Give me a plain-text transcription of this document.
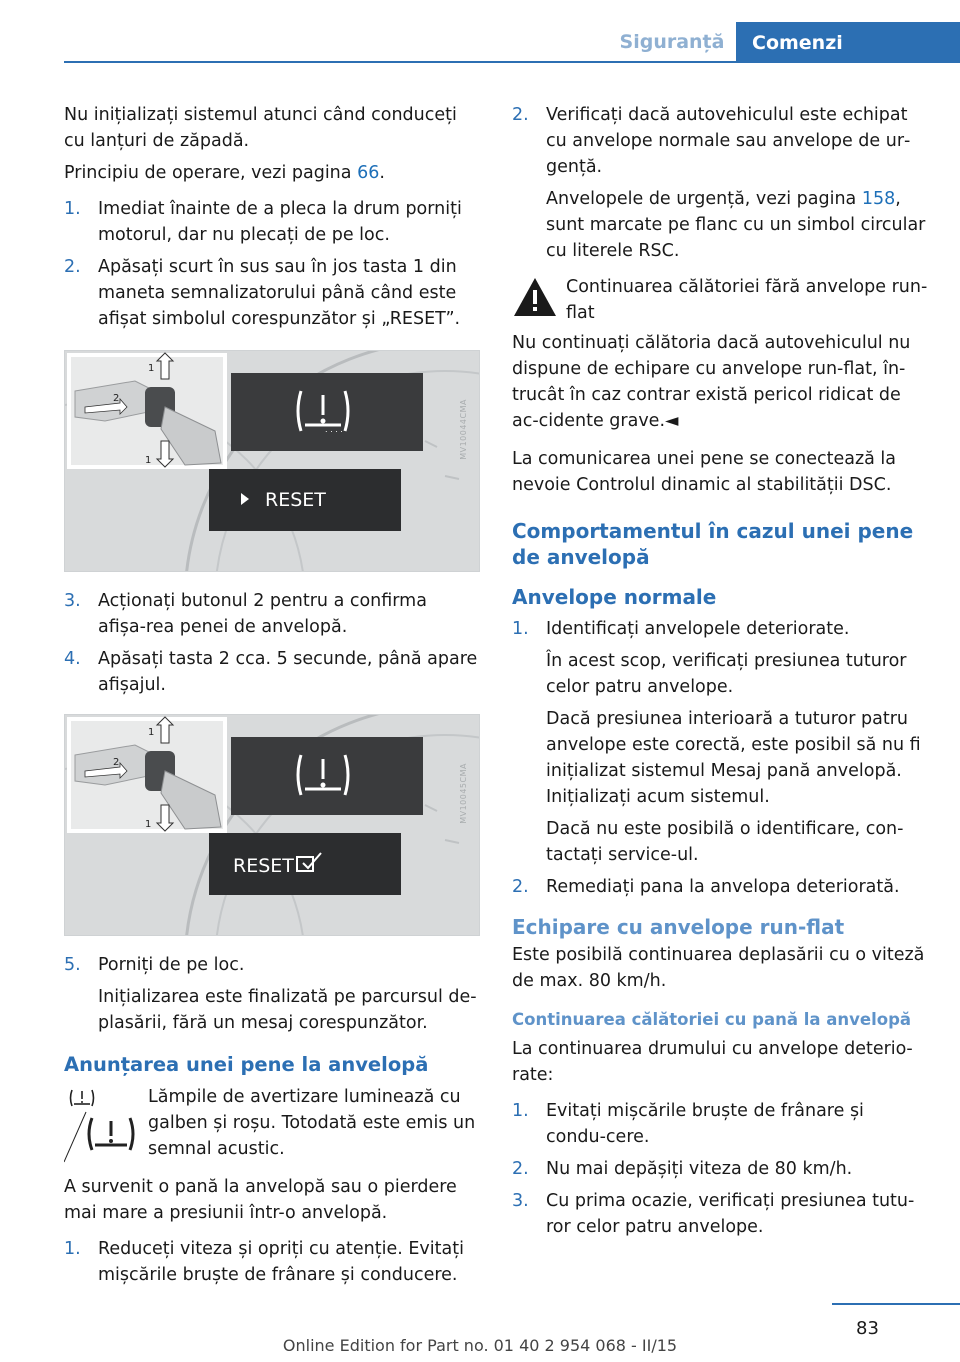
Siguranță	Comenzi

Nu inițializați sistemul atunci când conduceți cu lanțuri de zăpadă.

Principiu de operare, vezi pagina 66.

1. Imediat înainte de a pleca la drum porniți motorul, dar nu plecați de pe loc.
2. Apăsați scurt în sus sau în jos tasta 1 din maneta semnalizatorului până când este afișat simbolul corespunzător și „RESET”.
1
1
2
. . . .
RESET
MV10044CMA
3. Acționați butonul 2 pentru a confirma afișa‐rea penei de anvelopă.
4. Apăsați tasta 2 cca. 5 secunde, până apare afișajul.
1
1
2
RESET
MV10045CMA
5. Porniți de pe loc.
Inițializarea este finalizată pe parcursul de‐plasării, fără un mesaj corespunzător.
Anunțarea unei pene la anvelopă
Lămpile de avertizare luminează cu galben și roșu. Totodată este emis un semnal acustic.

A survenit o pană la anvelopă sau o pierdere mai mare a presiunii într-o anvelopă.

1. Reduceți viteza și opriți cu atenție. Evitați mișcările bruște de frânare și conducere.
2. Verificați dacă autovehiculul este echipat cu anvelope normale sau anvelope de ur‐gență.
Anvelopele de urgență, vezi pagina 158, sunt marcate pe flanc cu un simbol circular cu literele RSC.
Continuarea călătoriei fără anvelope run-flat

Nu continuați călătoria dacă autovehiculul nu dispune de echipare cu anvelope run-flat, în‐trucât în caz contrar există pericol ridicat de ac‐cidente grave.◄

La comunicarea unei pene se conectează la nevoie Controlul dinamic al stabilității DSC.

Comportamentul în cazul unei pene de anvelopă
Anvelope normale
1. Identificați anvelopele deteriorate.
În acest scop, verificați presiunea tuturor celor patru anvelope.
Dacă presiunea interioară a tuturor patru anvelope este corectă, este posibil să nu fi inițializat sistemul Mesaj pană anvelopă. Inițializați acum sistemul.
Dacă nu este posibilă o identificare, con‐tactați service-ul.
2. Remediați pana la anvelopa deteriorată.
Echipare cu anvelope run-flat

Este posibilă continuarea deplasării cu o viteză de max. 80 km/h.

Continuarea călătoriei cu pană la anvelopă

La continuarea drumului cu anvelope deterio‐rate:

1. Evitați mișcările bruște de frânare și condu‐cere.
2. Nu mai depășiți viteza de 80 km/h.
3. Cu prima ocazie, verificați presiunea tutu‐ror celor patru anvelope.
83
Online Edition for Part no. 01 40 2 954 068 - II/15
